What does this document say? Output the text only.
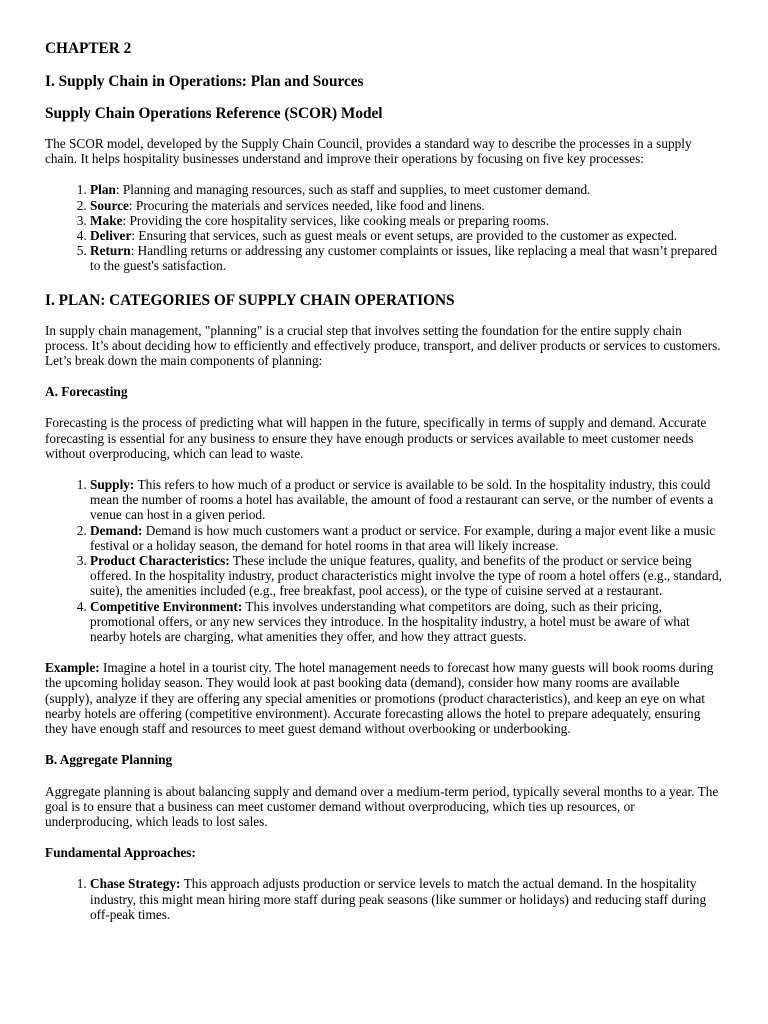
CHAPTER 2
I. Supply Chain in Operations: Plan and Sources
Supply Chain Operations Reference (SCOR) Model

The SCOR model, developed by the Supply Chain Council, provides a standard way to describe the processes in a supply chain. It helps hospitality businesses understand and improve their operations by focusing on five key processes:

1. Plan: Planning and managing resources, such as staff and supplies, to meet customer demand.
2. Source: Procuring the materials and services needed, like food and linens.
3. Make: Providing the core hospitality services, like cooking meals or preparing rooms.
4. Deliver: Ensuring that services, such as guest meals or event setups, are provided to the customer as expected.
5. Return: Handling returns or addressing any customer complaints or issues, like replacing a meal that wasn’t prepared to the guest's satisfaction.
I. PLAN: CATEGORIES OF SUPPLY CHAIN OPERATIONS

In supply chain management, "planning" is a crucial step that involves setting the foundation for the entire supply chain process. It’s about deciding how to efficiently and effectively produce, transport, and deliver products or services to customers. Let’s break down the main components of planning:

A. Forecasting

Forecasting is the process of predicting what will happen in the future, specifically in terms of supply and demand. Accurate forecasting is essential for any business to ensure they have enough products or services available to meet customer needs without overproducing, which can lead to waste.

1. Supply: This refers to how much of a product or service is available to be sold. In the hospitality industry, this could mean the number of rooms a hotel has available, the amount of food a restaurant can serve, or the number of events a venue can host in a given period.
2. Demand: Demand is how much customers want a product or service. For example, during a major event like a music festival or a holiday season, the demand for hotel rooms in that area will likely increase.
3. Product Characteristics: These include the unique features, quality, and benefits of the product or service being offered. In the hospitality industry, product characteristics might involve the type of room a hotel offers (e.g., standard, suite), the amenities included (e.g., free breakfast, pool access), or the type of cuisine served at a restaurant.
4. Competitive Environment: This involves understanding what competitors are doing, such as their pricing, promotional offers, or any new services they introduce. In the hospitality industry, a hotel must be aware of what nearby hotels are charging, what amenities they offer, and how they attract guests.

Example: Imagine a hotel in a tourist city. The hotel management needs to forecast how many guests will book rooms during the upcoming holiday season. They would look at past booking data (demand), consider how many rooms are available (supply), analyze if they are offering any special amenities or promotions (product characteristics), and keep an eye on what nearby hotels are offering (competitive environment). Accurate forecasting allows the hotel to prepare adequately, ensuring they have enough staff and resources to meet guest demand without overbooking or underbooking.

B. Aggregate Planning

Aggregate planning is about balancing supply and demand over a medium-term period, typically several months to a year. The goal is to ensure that a business can meet customer demand without overproducing, which ties up resources, or underproducing, which leads to lost sales.

Fundamental Approaches:
1. Chase Strategy: This approach adjusts production or service levels to match the actual demand. In the hospitality industry, this might mean hiring more staff during peak seasons (like summer or holidays) and reducing staff during off-peak times.
